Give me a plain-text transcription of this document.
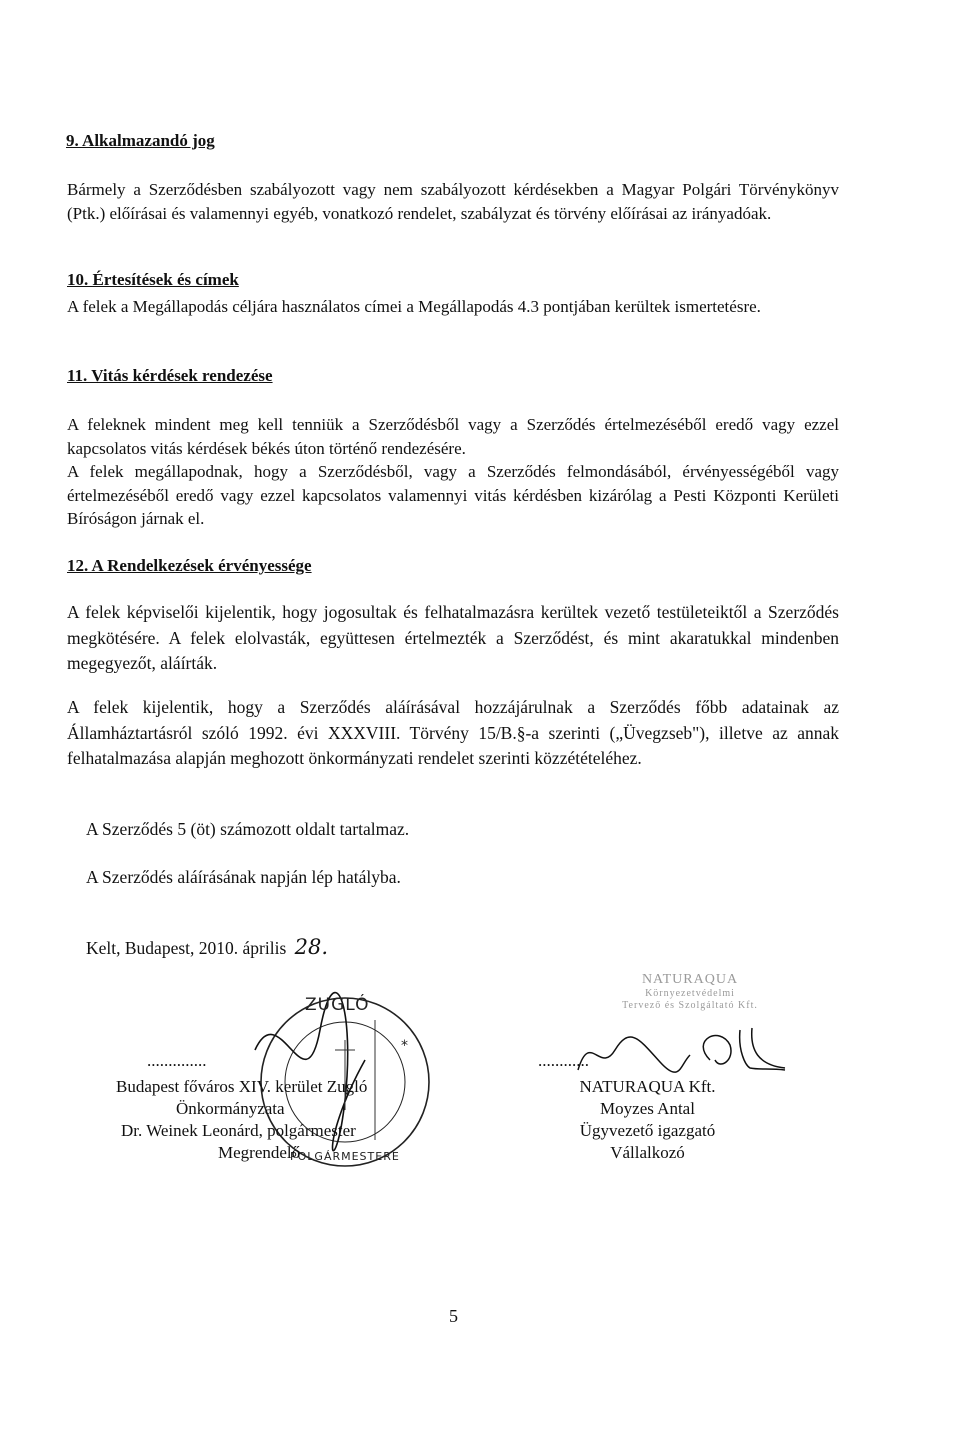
9. Alkalmazandó jog
Bármely a Szerződésben szabályozott vagy nem szabályozott kérdésekben a Magyar Polgári Törvénykönyv (Ptk.) előírásai és valamennyi egyéb, vonatkozó rendelet, szabályzat és törvény előírásai az irányadóak.
10. Értesítések és címek
A felek a Megállapodás céljára használatos címei a Megállapodás 4.3 pontjában kerültek ismertetésre.
11. Vitás kérdések rendezése
A feleknek mindent meg kell tenniük a Szerződésből vagy a Szerződés értelmezéséből eredő vagy ezzel kapcsolatos vitás kérdések békés úton történő rendezésére.
A felek megállapodnak, hogy a Szerződésből, vagy a Szerződés felmondásából, érvényességéből vagy értelmezéséből eredő vagy ezzel kapcsolatos valamennyi vitás kérdésben kizárólag a Pesti Központi Kerületi Bíróságon járnak el.
12. A Rendelkezések érvényessége
A felek képviselői kijelentik, hogy jogosultak és felhatalmazásra kerültek vezető testületeiktől a Szerződés megkötésére. A felek elolvasták, együttesen értelmezték a Szerződést, és mint akaratukkal mindenben megegyezőt, aláírták.
A felek kijelentik, hogy a Szerződés aláírásával hozzájárulnak a Szerződés főbb adatainak az Államháztartásról szóló 1992. évi XXXVIII. Törvény 15/B.§-a szerinti („Üvegzseb"), illetve az annak felhatalmazása alapján meghozott önkormányzati rendelet szerinti közzétételéhez.
A Szerződés 5 (öt) számozott oldalt tartalmaz.
A Szerződés aláírásának napján lép hatályba.
Kelt, Budapest, 2010. április 28.
*
ZUGLÓ
POLGÁRMESTERE
..............
Budapest főváros XIV. kerület Zugló
Önkormányzata
Dr. Weinek Leonárd, polgármester
Megrendelő
NATURAQUA
Környezetvédelmi
Tervező és Szolgáltató Kft.
............
NATURAQUA Kft.
Moyzes Antal
Ügyvezető igazgató
Vállalkozó
5
